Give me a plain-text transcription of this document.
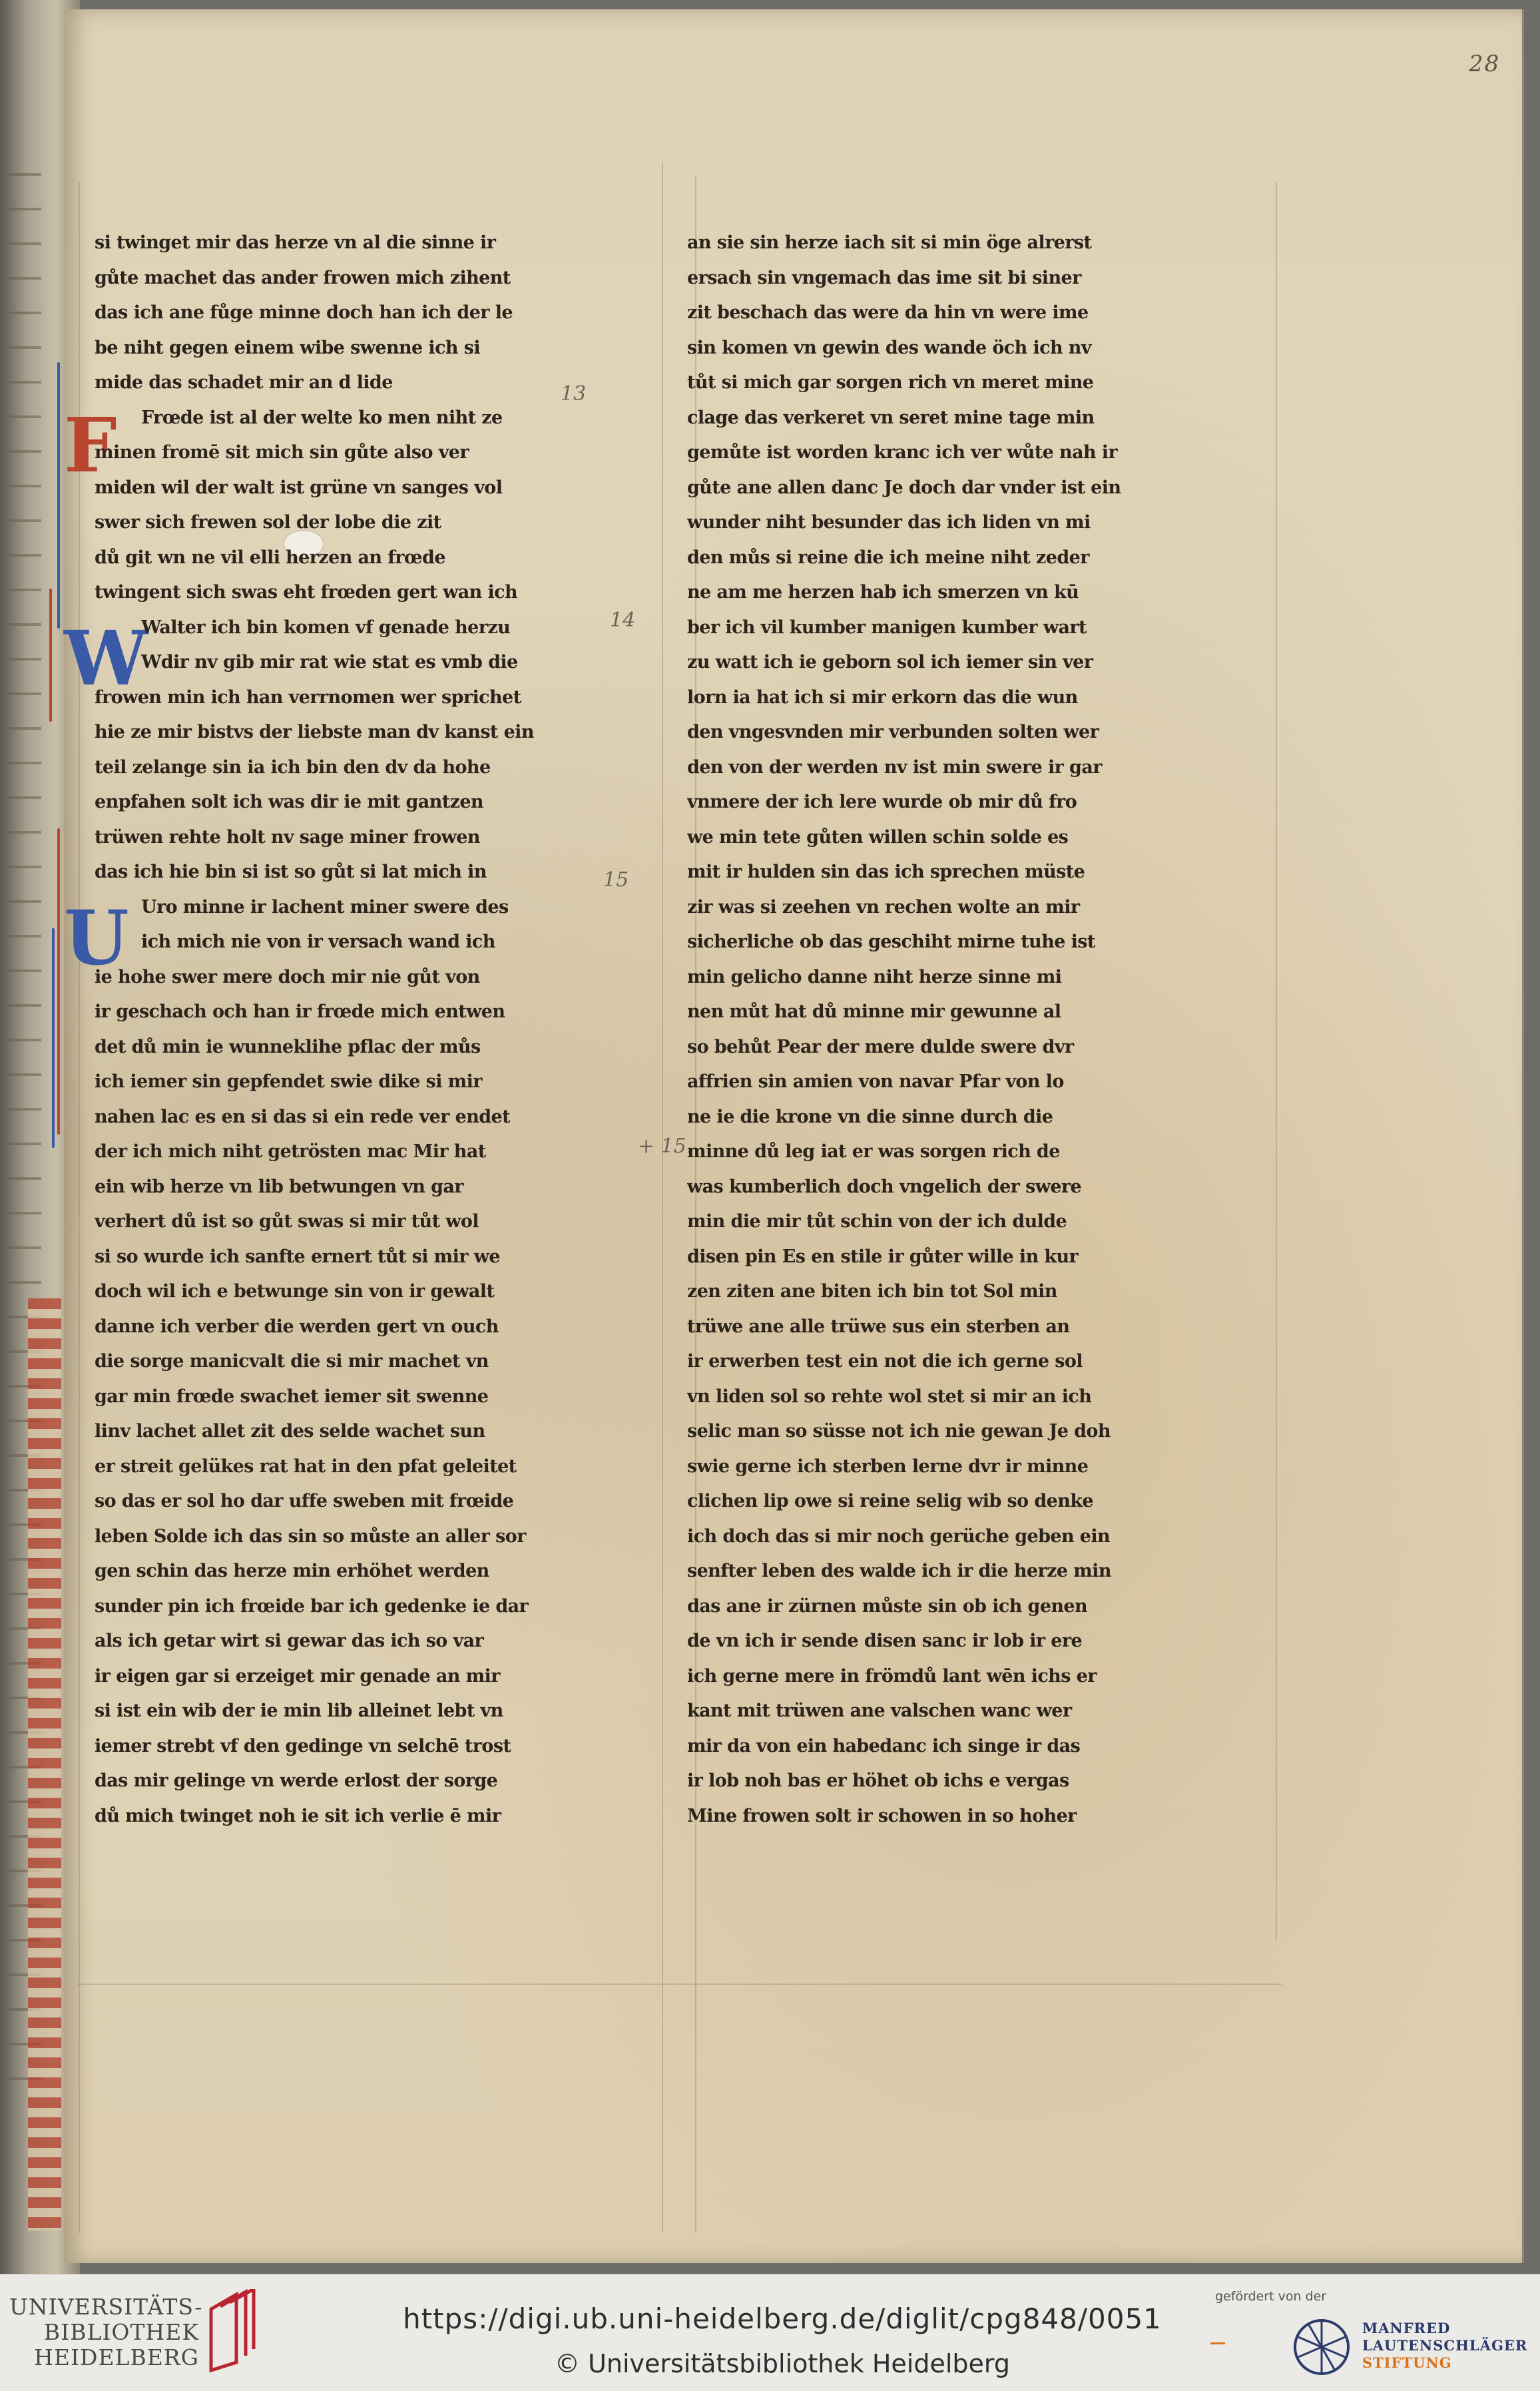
28
F
W
U
13
14
15
+ 15.
si twinget mir das herze vn al die sinne ir
gůte machet das ander frowen mich zihent
das ich ane fůge minne doch han ich der le
be niht gegen einem wibe swenne ich si
mide das schadet mir an d lide
Frœde ist al der welte ko men niht ze
minen fromē sit mich sin gůte also ver
miden wil der walt ist grüne vn sanges vol
swer sich frewen sol der lobe die zit
dů git wn ne vil elli herzen an frœde
twingent sich swas eht frœden gert wan ich
Walter ich bin komen vf genade herzu
Wdir nv gib mir rat wie stat es vmb die
frowen min ich han verrnomen wer sprichet
hie ze mir bistvs der liebste man dv kanst ein
teil zelange sin ia ich bin den dv da hohe
enpfahen solt ich was dir ie mit gantzen
trüwen rehte holt nv sage miner frowen
das ich hie bin si ist so gůt si lat mich in
Uro minne ir lachent miner swere des
ich mich nie von ir versach wand ich
ie hohe swer mere doch mir nie gůt von
ir geschach och han ir frœde mich entwen
det dů min ie wunneklihe pflac der můs
ich iemer sin gepfendet swie dike si mir
nahen lac es en si das si ein rede ver endet
der ich mich niht getrösten mac Mir hat
ein wib herze vn lib betwungen vn gar
verhert dů ist so gůt swas si mir tůt wol
si so wurde ich sanfte ernert tůt si mir we
doch wil ich e betwunge sin von ir gewalt
danne ich verber die werden gert vn ouch
die sorge manicvalt die si mir machet vn
gar min frœde swachet iemer sit swenne
linv lachet allet zit des selde wachet sun
er streit gelükes rat hat in den pfat geleitet
so das er sol ho dar uffe sweben mit frœide
leben Solde ich das sin so můste an aller sor
gen schin das herze min erhöhet werden
sunder pin ich frœide bar ich gedenke ie dar
als ich getar wirt si gewar das ich so var
ir eigen gar si erzeiget mir genade an mir
si ist ein wib der ie min lib alleinet lebt vn
iemer strebt vf den gedinge vn selchē trost
das mir gelinge vn werde erlost der sorge
dů mich twinget noh ie sit ich verlie ē mir
an sie sin herze iach sit si min öge alrerst
ersach sin vngemach das ime sit bi siner
zit beschach das were da hin vn were ime
sin komen vn gewin des wande öch ich nv
tůt si mich gar sorgen rich vn meret mine
clage das verkeret vn seret mine tage min
gemůte ist worden kranc ich ver wůte nah ir
gůte ane allen danc Je doch dar vnder ist ein
wunder niht besunder das ich liden vn mi
den můs si reine die ich meine niht zeder
ne am me herzen hab ich smerzen vn kū
ber ich vil kumber manigen kumber wart
zu watt ich ie geborn sol ich iemer sin ver
lorn ia hat ich si mir erkorn das die wun
den vngesvnden mir verbunden solten wer
den von der werden nv ist min swere ir gar
vnmere der ich lere wurde ob mir dů fro
we min tete gůten willen schin solde es
mit ir hulden sin das ich sprechen müste
zir was si zeehen vn rechen wolte an mir
sicherliche ob das geschiht mirne tuhe ist
min gelicho danne niht herze sinne mi
nen můt hat dů minne mir gewunne al
so behůt Pear der mere dulde swere dvr
affrien sin amien von navar Pfar von lo
ne ie die krone vn die sinne durch die
minne dů leg iat er was sorgen rich de
was kumberlich doch vngelich der swere
min die mir tůt schin von der ich dulde
disen pin Es en stile ir gůter wille in kur
zen ziten ane biten ich bin tot Sol min
trüwe ane alle trüwe sus ein sterben an
ir erwerben test ein not die ich gerne sol
vn liden sol so rehte wol stet si mir an ich
selic man so süsse not ich nie gewan Je doh
swie gerne ich sterben lerne dvr ir minne
clichen lip owe si reine selig wib so denke
ich doch das si mir noch gerüche geben ein
senfter leben des walde ich ir die herze min
das ane ir zürnen můste sin ob ich genen
de vn ich ir sende disen sanc ir lob ir ere
ich gerne mere in frömdů lant wēn ichs er
kant mit trüwen ane valschen wanc wer
mir da von ein habedanc ich singe ir das
ir lob noh bas er höhet ob ichs e vergas
Mine frowen solt ir schowen in so hoher
UNIVERSITÄTS-
BIBLIOTHEK
HEIDELBERG
https://digi.ub.uni-heidelberg.de/diglit/cpg848/0051
© Universitätsbibliothek Heidelberg
gefördert von der
MANFRED
LAUTENSCHLÄGER
STIFTUNG
